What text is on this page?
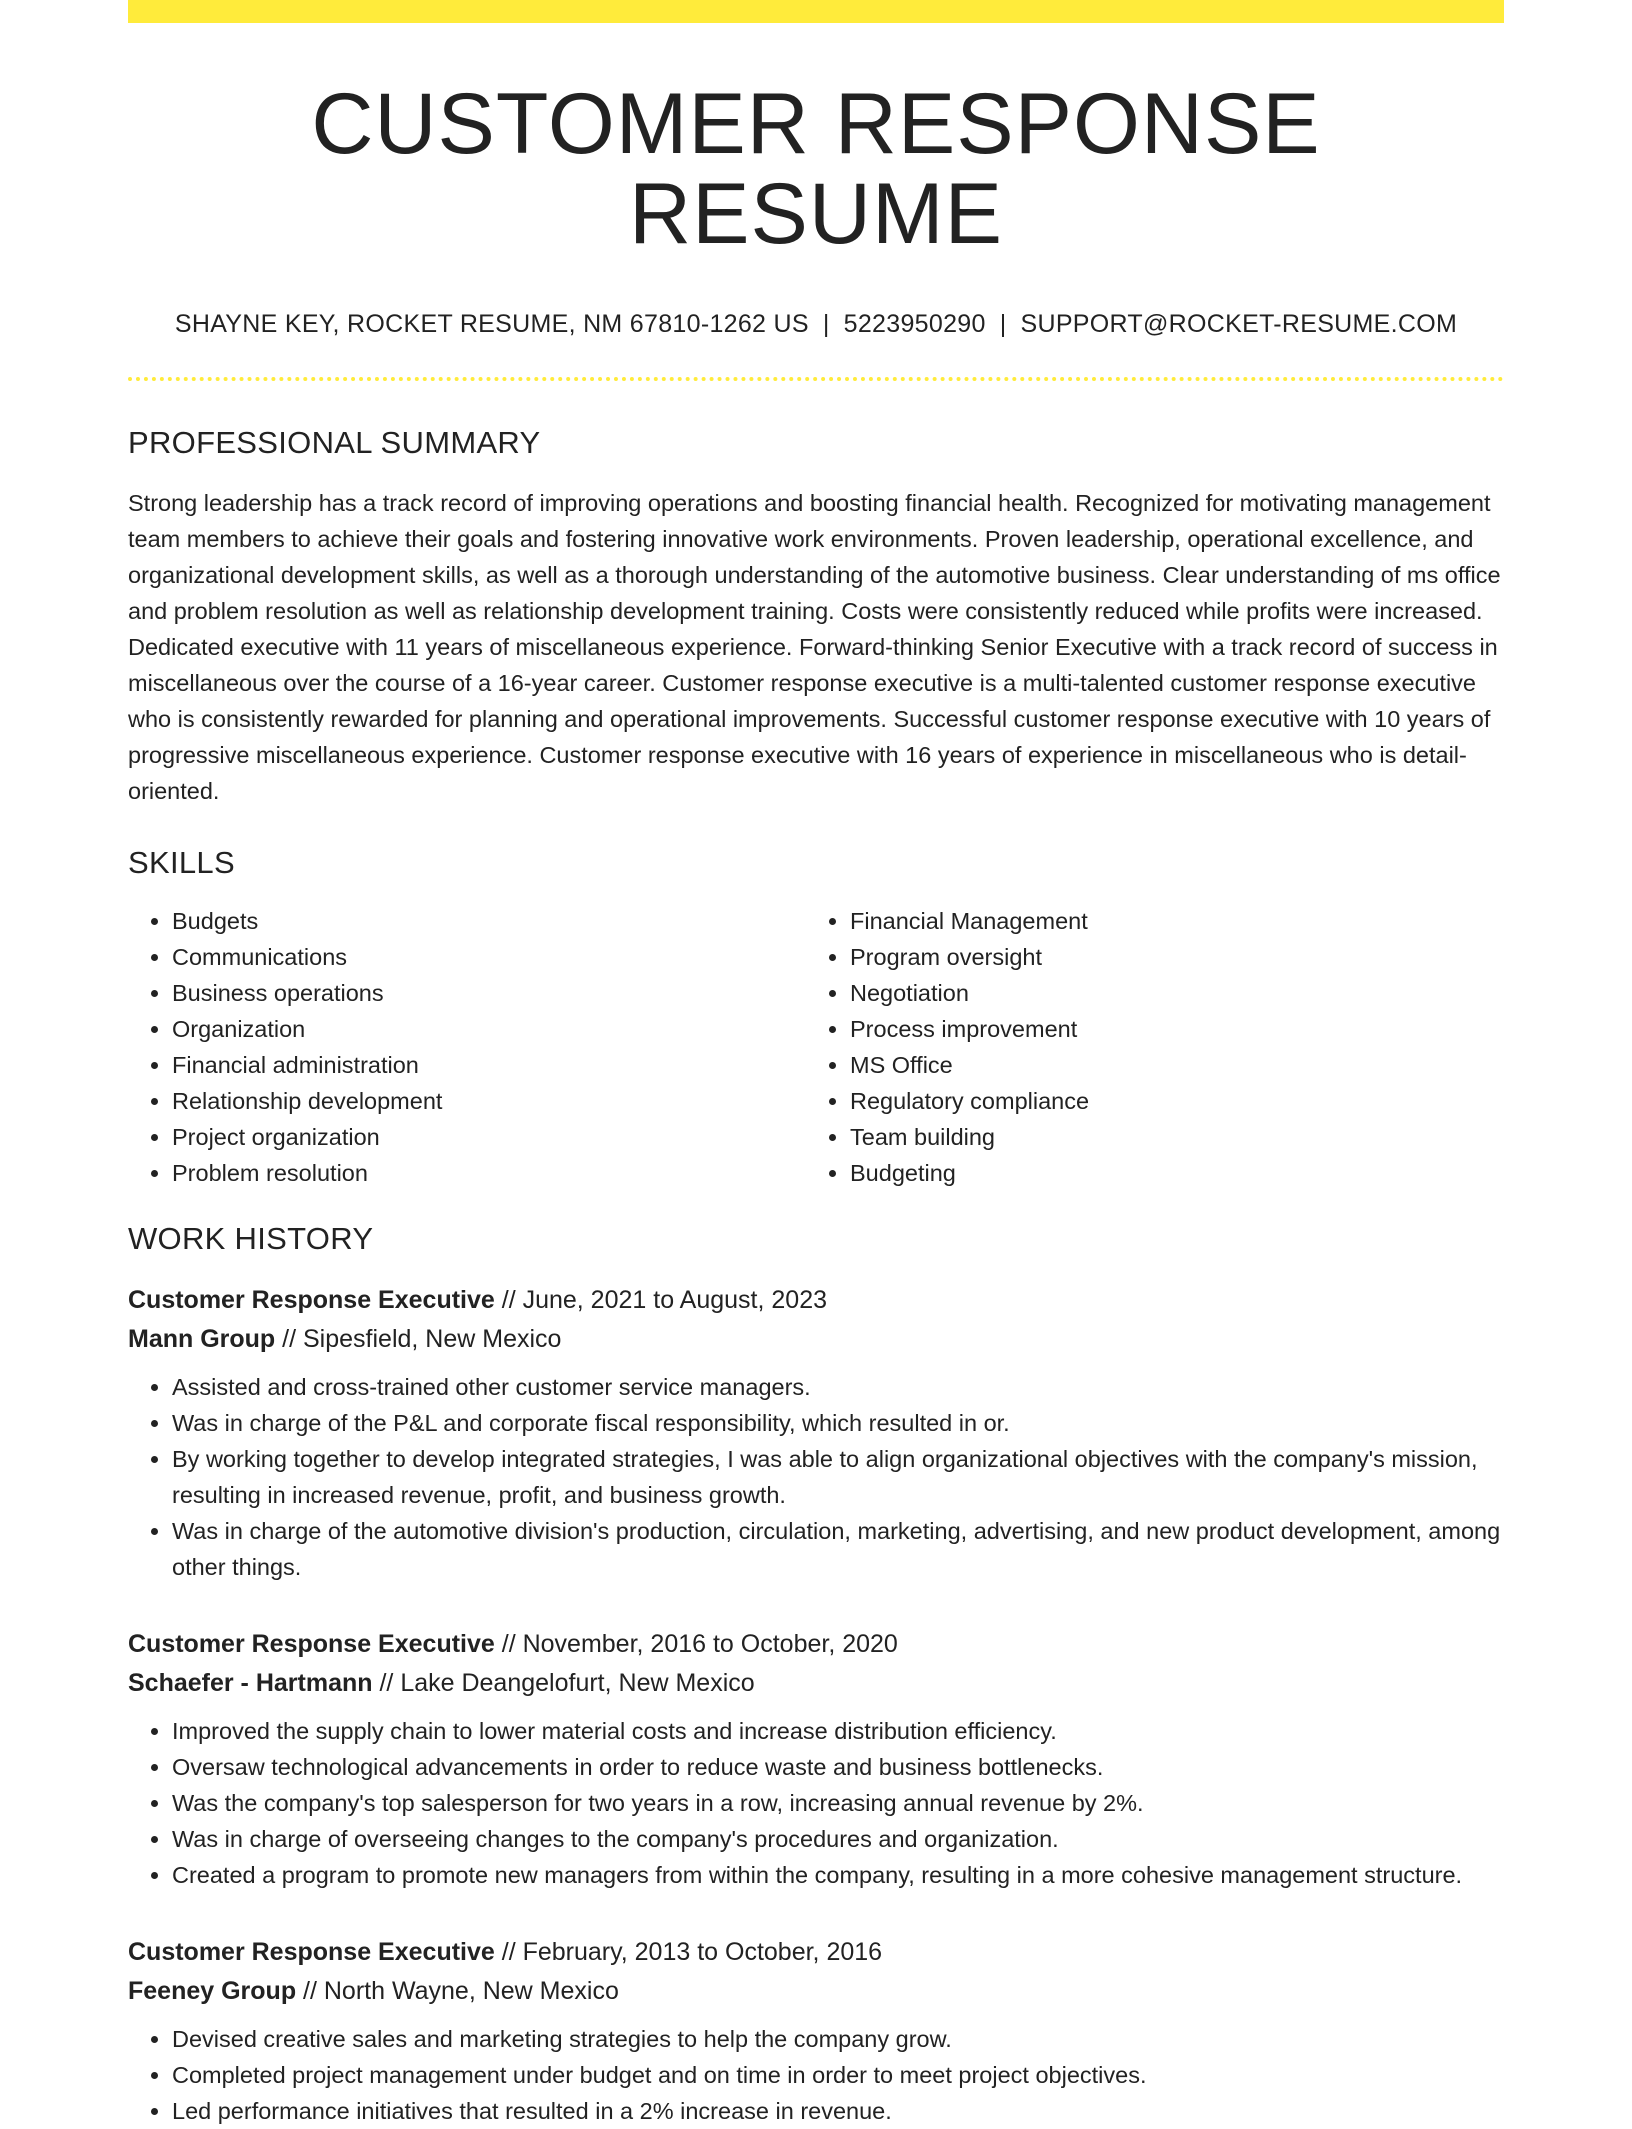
CUSTOMER RESPONSE RESUME
SHAYNE KEY, ROCKET RESUME, NM 67810-1262 US | 5223950290 | SUPPORT@ROCKET-RESUME.COM
PROFESSIONAL SUMMARY

Strong leadership has a track record of improving operations and boosting financial health. Recognized for motivating management team members to achieve their goals and fostering innovative work environments. Proven leadership, operational excellence, and organizational development skills, as well as a thorough understanding of the automotive business. Clear understanding of ms office and problem resolution as well as relationship development training. Costs were consistently reduced while profits were increased. Dedicated executive with 11 years of miscellaneous experience. Forward-thinking Senior Executive with a track record of success in miscellaneous over the course of a 16-year career. Customer response executive is a multi-talented customer response executive who is consistently rewarded for planning and operational improvements. Successful customer response executive with 10 years of progressive miscellaneous experience. Customer response executive with 16 years of experience in miscellaneous who is detail-oriented.

SKILLS
• Budgets
• Communications
• Business operations
• Organization
• Financial administration
• Relationship development
• Project organization
• Problem resolution
• Financial Management
• Program oversight
• Negotiation
• Process improvement
• MS Office
• Regulatory compliance
• Team building
• Budgeting
WORK HISTORY
Customer Response Executive // June, 2021 to August, 2023
Mann Group // Sipesfield, New Mexico
• Assisted and cross-trained other customer service managers.
• Was in charge of the P&L and corporate fiscal responsibility, which resulted in or.
• By working together to develop integrated strategies, I was able to align organizational objectives with the company's mission, resulting in increased revenue, profit, and business growth.
• Was in charge of the automotive division's production, circulation, marketing, advertising, and new product development, among other things.
Customer Response Executive // November, 2016 to October, 2020
Schaefer - Hartmann // Lake Deangelofurt, New Mexico
• Improved the supply chain to lower material costs and increase distribution efficiency.
• Oversaw technological advancements in order to reduce waste and business bottlenecks.
• Was the company's top salesperson for two years in a row, increasing annual revenue by 2%.
• Was in charge of overseeing changes to the company's procedures and organization.
• Created a program to promote new managers from within the company, resulting in a more cohesive management structure.
Customer Response Executive // February, 2013 to October, 2016
Feeney Group // North Wayne, New Mexico
• Devised creative sales and marketing strategies to help the company grow.
• Completed project management under budget and on time in order to meet project objectives.
• Led performance initiatives that resulted in a 2% increase in revenue.
